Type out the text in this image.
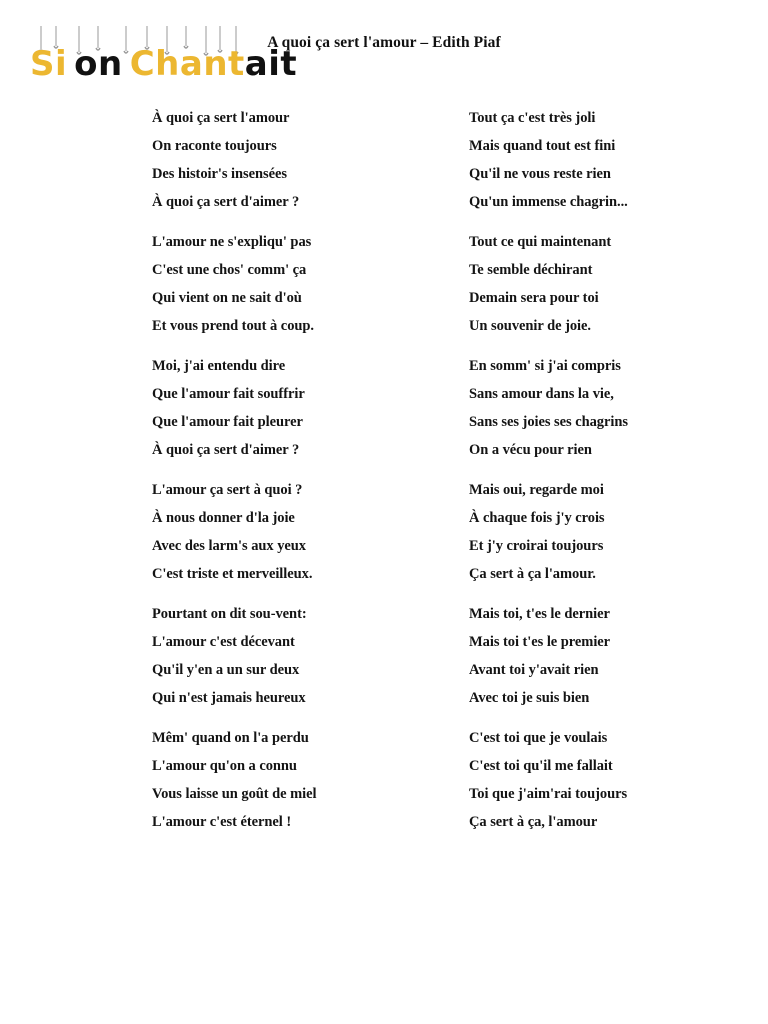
Si on Chantait
A quoi ça sert l'amour – Edith Piaf
À quoi ça sert l'amour
On raconte toujours
Des histoir's insensées
À quoi ça sert d'aimer ?
L'amour ne s'expliqu' pas
C'est une chos' comm' ça
Qui vient on ne sait d'où
Et vous prend tout à coup.
Moi, j'ai entendu dire
Que l'amour fait souffrir
Que l'amour fait pleurer
À quoi ça sert d'aimer ?
L'amour ça sert à quoi ?
À nous donner d'la joie
Avec des larm's aux yeux
C'est triste et merveilleux.
Pourtant on dit sou-vent:
L'amour c'est décevant
Qu'il y'en a un sur deux
Qui n'est jamais heureux
Mêm' quand on l'a perdu
L'amour qu'on a connu
Vous laisse un goût de miel
L'amour c'est éternel !
Tout ça c'est très joli
Mais quand tout est fini
Qu'il ne vous reste rien
Qu'un immense chagrin...
Tout ce qui maintenant
Te semble déchirant
Demain sera pour toi
Un souvenir de joie.
En somm' si j'ai compris
Sans amour dans la vie,
Sans ses joies ses chagrins
On a vécu pour rien
Mais oui, regarde moi
À chaque fois j'y crois
Et j'y croirai toujours
Ça sert à ça l'amour.
Mais toi, t'es le dernier
Mais toi t'es le premier
Avant toi y'avait rien
Avec toi je suis bien
C'est toi que je voulais
C'est toi qu'il me fallait
Toi que j'aim'rai toujours
Ça sert à ça, l'amour
